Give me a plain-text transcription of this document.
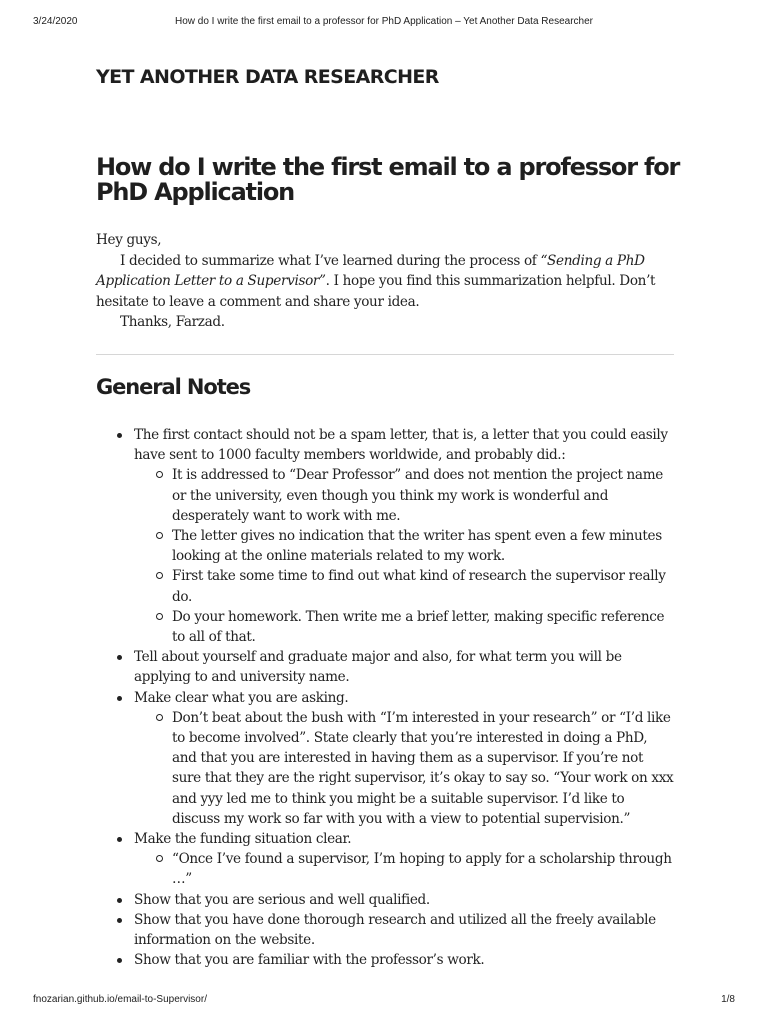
3/24/2020	How do I write the first email to a professor for PhD Application – Yet Another Data Researcher
YET ANOTHER DATA RESEARCHER
How do I write the first email to a professor for PhD Application

Hey guys,

I decided to summarize what I’ve learned during the process of “Sending a PhD Application Letter to a Supervisor”. I hope you find this summarization helpful. Don’t hesitate to leave a comment and share your idea.

Thanks, Farzad.

General Notes
The first contact should not be a spam letter, that is, a letter that you could easily have sent to 1000 faculty members worldwide, and probably did.:
It is addressed to “Dear Professor” and does not mention the project name or the university, even though you think my work is wonderful and desperately want to work with me.
The letter gives no indication that the writer has spent even a few minutes looking at the online materials related to my work.
First take some time to find out what kind of research the supervisor really do.
Do your homework. Then write me a brief letter, making specific reference to all of that.
Tell about yourself and graduate major and also, for what term you will be applying to and university name.
Make clear what you are asking.
Don’t beat about the bush with “I’m interested in your research” or “I’d like to become involved”. State clearly that you’re interested in doing a PhD, and that you are interested in having them as a supervisor. If you’re not sure that they are the right supervisor, it’s okay to say so. “Your work on xxx and yyy led me to think you might be a suitable supervisor. I’d like to discuss my work so far with you with a view to potential supervision.”
Make the funding situation clear.
“Once I’ve found a supervisor, I’m hoping to apply for a scholarship through …”
Show that you are serious and well qualified.
Show that you have done thorough research and utilized all the freely available information on the website.
Show that you are familiar with the professor’s work.
fnozarian.github.io/email-to-Supervisor/	1/8
